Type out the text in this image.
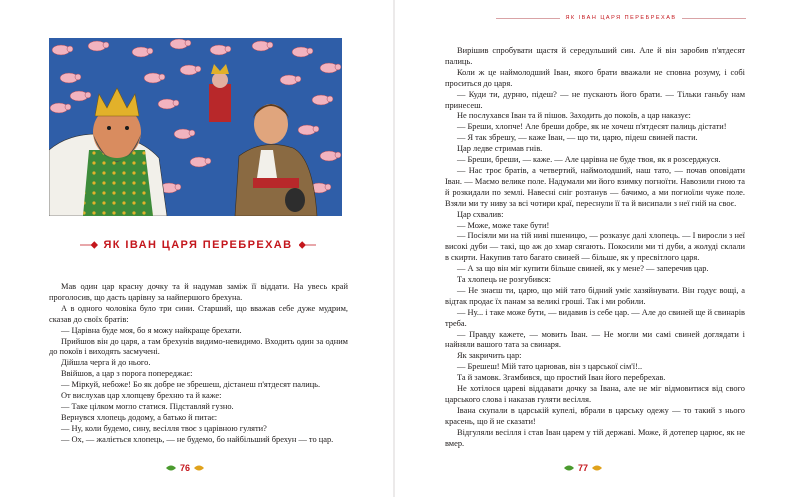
ЯК ІВАН ЦАРЯ ПЕРЕБРЕХАВ

Мав один цар красну дочку та й надумав заміж її віддати. На увесь край проголосив, що дасть царівну за найпершого брехуна.

А в одного чоловіка було три сини. Старший, що вважав себе дуже мудрим, сказав до своїх братів:

— Царівна буде моя, бо я можу найкраще брехати.

Прийшов він до царя, а там брехунів видимо-невидимо. Входить один за одним до покоїв і виходять засмучені.

Дійшла черга й до нього.

Ввійшов, а цар з порога попереджає:

— Міркуй, небоже! Бо як добре не збрешеш, дістанеш п'ятдесят палиць.

От вислухав цар хлопцеву брехню та й каже:

— Таке цілком могло статися. Підставляй гузно.

Вернувся хлопець додому, а батько й питає:

— Ну, коли будемо, сину, весілля твоє з царівною гуляти?

— Ох, — жаліється хлопець, — не будемо, бо найбільший брехун — то цар.

76
ЯК ІВАН ЦАРЯ ПЕРЕБРЕХАВ

Вирішив спробувати щастя й середульший син. Але й він заробив п'ятдесят палиць.

Коли ж це наймолодший Іван, якого брати вважали не сповна розуму, і собі проситься до царя.

— Куди ти, дурню, підеш? — не пускають його брати. — Тільки ганьбу нам принесеш.

Не послухався Іван та й пішов. Заходить до покоїв, а цар наказує:

— Бреши, хлопче! Але бреши добре, як не хочеш п'ятдесят палиць дістати!

— Я так збрешу, — каже Іван, — що ти, царю, підеш свиней пасти.

Цар ледве стримав гнів.

— Бреши, бреши, — каже. — Але царівна не буде твоя, як я розсерджуся.

— Нас троє братів, а четвертий, наймолодший, наш тато, — почав оповідати Іван. — Маємо велике поле. Надумали ми його взимку погноїти. Навозили гною та й розкидали по землі. Навесні сніг розтанув — бачимо, а ми погноїли чуже поле. Взяли ми ту ниву за всі чотири краї, переснули її та й висипали з неї гній на своє.

Цар схвалив:

— Може, може таке бути!

— Посіяли ми на тій ниві пшеницю, — розказує далі хлопець. — І виросли з неї високі дуби — такі, що аж до хмар сягають. Покосили ми ті дуби, а жолуді склали в скирти. Накупив тато багато свиней — більше, як у пресвітлого царя.

— А за що він міг купити більше свиней, як у мене? — заперечив цар.

Та хлопець не розгубився:

— Не знаєш ти, царю, що мій тато бідний уміє хазяйнувати. Він годує вощі, а відтак продає їх панам за великі гроші. Так і ми робили.

— Ну... і таке може бути, — видавив із себе цар. — Але до свиней ще й свинарів треба.

— Правду кажете, — мовить Іван. — Не могли ми самі свиней доглядати і найняли вашого тата за свинаря.

Як закричить цар:

— Брешеш! Мій тато царював, він з царської сім'ї!..

Та й замовк. Згамбився, що простий Іван його перебрехав.

Не хотілося цареві віддавати дочку за Івана, але не міг відмовитися від свого царського слова і наказав гуляти весілля.

Івана скупали в царській купелі, вбрали в царську одежу — то такий з нього красень, що й не сказати!

Відгуляли весілля і став Іван царем у тій державі. Може, й дотепер царює, як не вмер.

77
